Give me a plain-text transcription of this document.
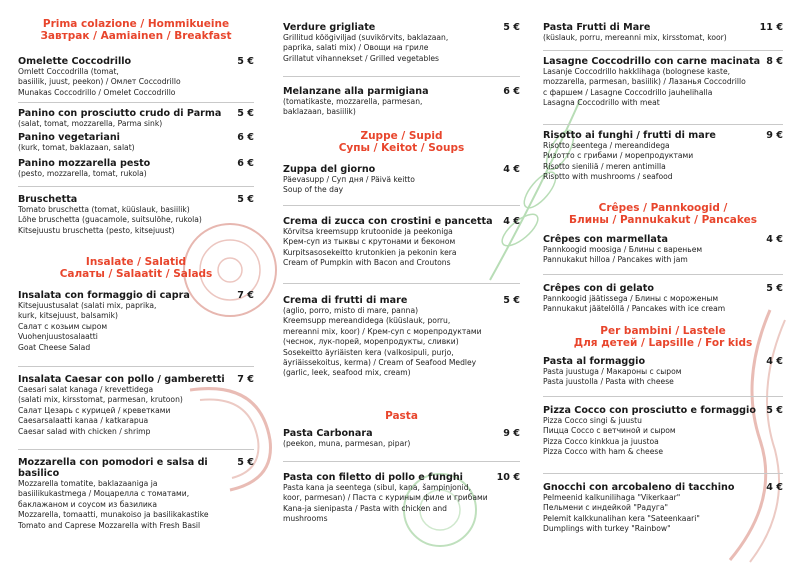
Prima colazione / Hommikueine
Завтрак / Aamiainen / Breakfast
Omelette Coccodrillo	5 €
Omlett Coccodrilla (tomat,
basiilik, juust, peekon) / Омлет Coccodrillo
Munakas Coccodrillo / Omelet Coccodrillo
Panino con prosciutto crudo di Parma	5 €
(salat, tomat, mozzarella, Parma sink)
Panino vegetariani	6 €
(kurk, tomat, baklazaan, salat)
Panino mozzarella pesto	6 €
(pesto, mozzarella, tomat, rukola)
Bruschetta	5 €
Tomato bruschetta (tomat, küüslauk, basiilik)
Lõhe bruschetta (guacamole, suitsulõhe, rukola)
Kitsejuustu bruschetta (pesto, kitsejuust)
Insalate / Salatid
Салаты / Salaatit / Salads
Insalata con formaggio di capra	7 €
Kitsejuustusalat (salati mix, paprika,
kurk, kitsejuust, balsamik)
Салат с козьим сыром
Vuohenjuustosalaatti
Goat Cheese Salad
Insalata Caesar con pollo / gamberetti	7 €
Caesari salat kanaga / krevettidega
(salati mix, kirsstomat, parmesan, krutoon)
Салат Цезарь с курицей / креветками
Caesarsalaatti kanaa / katkarapua
Caesar salad with chicken / shrimp
Mozzarella con pomodori e salsa di basilico
5 €
Mozzarella tomatite, baklazaaniga ja
basiilikukastmega / Моцарелла с томатами,
баклажаном и соусом из базилика
Mozzarella, tomaatti, munakoiso ja basilikakastike
Tomato and Caprese Mozzarella with Fresh Basil
Verdure grigliate	5 €
Grillitud köögiviljad (suvikõrvits, baklazaan,
paprika, salati mix) / Овощи на гриле
Grillatut vihannekset / Grilled vegetables
Melanzane alla parmigiana	6 €
(tomatikaste, mozzarella, parmesan,
baklazaan, basiilik)
Zuppe / Supid
Супы / Keitot / Soups
Zuppa del giorno	4 €
Päevasupp / Суп дня / Päivä keitto
Soup of the day
Crema di zucca con crostini e pancetta	4 €
Kõrvitsa kreemsupp krutoonide ja peekoniga
Крем-суп из тыквы с крутонами и беконом
Kurpitsasosekeitto krutonkien ja pekonin kera
Cream of Pumpkin with Bacon and Croutons
Crema di frutti di mare	5 €
(aglio, porro, misto di mare, panna)
Kreemsupp mereandidega (küüslauk, porru,
mereanni mix, koor) / Крем-суп с морепродуктами
(чеснок, лук-порей, морепродукты, сливки)
Sosekeitto äyriäisten kera (valkosipuli, purjo,
äyriäissekoitus, kerma) / Cream of Seafood Medley
(garlic, leek, seafood mix, cream)
Pasta
Pasta Carbonara	9 €
(peekon, muna, parmesan, pipar)
Pasta con filetto di pollo e funghi	10 €
Pasta kana ja seentega (sibul, kana, šampinjonid,
koor, parmesan) / Паста с куриным филе и грибами
Kana-ja sienipasta / Pasta with chicken and
mushrooms
Pasta Frutti di Mare	11 €
(küslauk, porru, mereanni mix, kirsstomat, koor)
Lasagne Coccodrillo con carne macinata 8 €
Lasanje Coccodrillo hakklihaga (bolognese kaste,
mozzarella, parmesan, basiilik) / Лазанья Coccodrillo
с фаршем / Lasagne Coccodrillo jauhelihalla
Lasagna Coccodrillo with meat
Risotto ai funghi / frutti di mare	9 €
Risotto seentega / mereandidega
Ризотто с грибами / морепродуктами
Risotto sieniliä / meren antimilla
Risotto with mushrooms / seafood
Crêpes / Pannkoogid /
Блины / Pannukakut / Pancakes
Crêpes con marmellata	4 €
Pannkoogid moosiga / Блины с вареньем
Pannukakut hilloa / Pancakes with jam
Crêpes con di gelato	5 €
Pannkoogid jäätissega / Блины с мороженым
Pannukakut jäätelöllä / Pancakes with ice cream
Per bambini / Lastele
Для детей / Lapsille / For kids
Pasta al formaggio	4 €
Pasta juustuga / Макароны с сыром
Pasta juustolla / Pasta with cheese
Pizza Cocco con prosciutto e formaggio	5 €
Pizza Cocco singi & juustu
Пицца Cocco с ветчиной и сыром
Pizza Cocco kinkkua ja juustoa
Pizza Cocco with ham & cheese
Gnocchi con arcobaleno di tacchino	4 €
Pelmeenid kalkunilihaga "Vikerkaar"
Пельмени с индейкой "Радуга"
Pelemit kalkkunalihan kera "Sateenkaari"
Dumplings with turkey "Rainbow"
